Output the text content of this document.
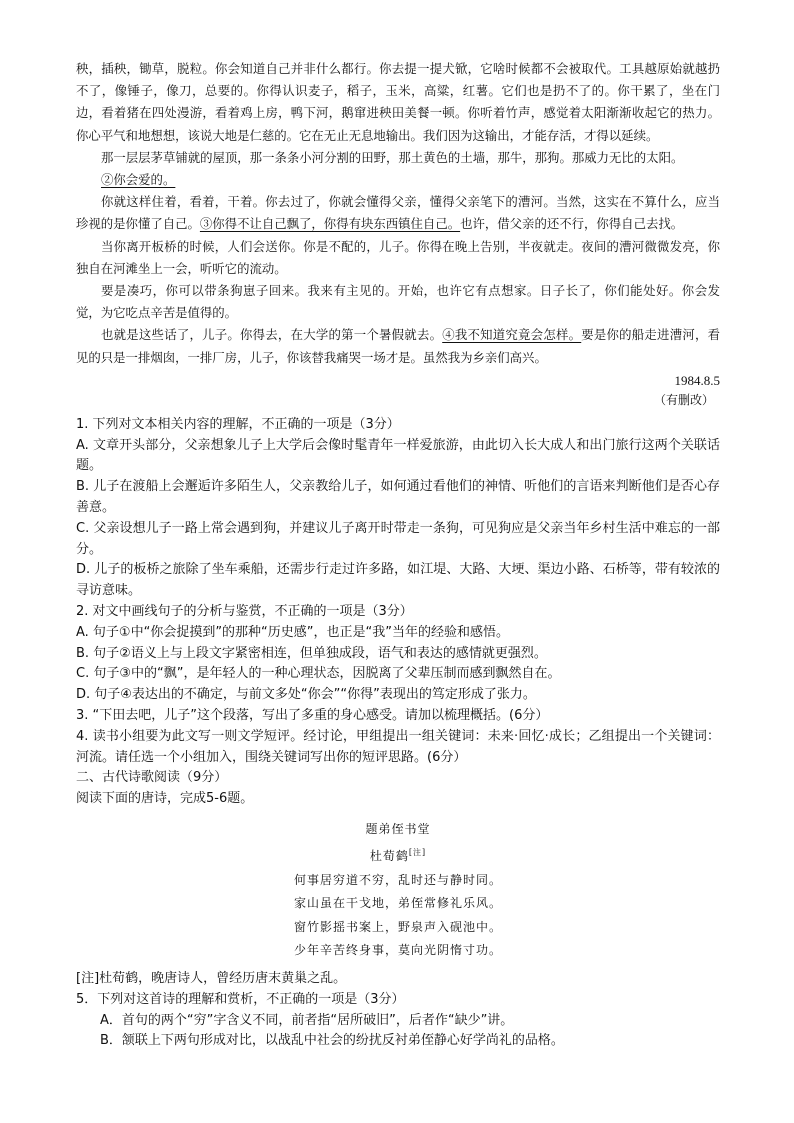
秧，插秧，锄草，脱粒。你会知道自己并非什么都行。你去提一提犬锨，它啥时候都不会被取代。工具越原始就越扔不了，像锤子，像刀，总要的。你得认识麦子，稻子，玉米，高粱，红薯。它们也是扔不了的。你干累了，坐在门边，看着猪在四处漫游，看着鸡上房，鸭下河，鹅窜进秧田美餐一顿。你听着竹声，感觉着太阳渐渐收起它的热力。你心平气和地想想，该说大地是仁慈的。它在无止无息地输出。我们因为这输出，才能存活，才得以延续。

那一层层茅草铺就的屋顶，那一条条小河分割的田野，那土黄色的土墙，那牛，那狗。那威力无比的太阳。

②你会爱的。

你就这样住着，看着，干着。你去过了，你就会懂得父亲，懂得父亲笔下的漕河。当然，这实在不算什么，应当珍视的是你懂了自己。③你得不让自己飘了，你得有块东西镇住自己。也许，借父亲的还不行，你得自己去找。

当你离开板桥的时候，人们会送你。你是不配的，儿子。你得在晚上告别，半夜就走。夜间的漕河微微发亮，你独自在河滩坐上一会，听听它的流动。

要是凑巧，你可以带条狗崽子回来。我来有主见的。开始，也许它有点想家。日子长了，你们能处好。你会发觉，为它吃点辛苦是值得的。

也就是这些话了，儿子。你得去，在大学的第一个暑假就去。④我不知道究竟会怎样。要是你的船走进漕河，看见的只是一排烟囱，一排厂房，儿子，你该替我痛哭一场才是。虽然我为乡亲们高兴。

1984.8.5
（有删改）

1. 下列对文本相关内容的理解，不正确的一项是（3分）

A. 文章开头部分，父亲想象儿子上大学后会像时髦青年一样爱旅游，由此切入长大成人和出门旅行这两个关联话题。

B. 儿子在渡船上会邂逅许多陌生人，父亲教给儿子，如何通过看他们的神情、听他们的言语来判断他们是否心存善意。

C. 父亲设想儿子一路上常会遇到狗，并建议儿子离开时带走一条狗，可见狗应是父亲当年乡村生活中难忘的一部分。

D. 儿子的板桥之旅除了坐车乘船，还需步行走过许多路，如江堤、大路、大埂、渠边小路、石桥等，带有较浓的寻访意味。

2. 对文中画线句子的分析与鉴赏，不正确的一项是（3分）

A. 句子①中“你会捉摸到”的那种“历史感”，也正是“我”当年的经验和感悟。

B. 句子②语义上与上段文字紧密相连，但单独成段，语气和表达的感情就更强烈。

C. 句子③中的“飘”，是年轻人的一种心理状态，因脱离了父辈压制而感到飘然自在。

D. 句子④表达出的不确定，与前文多处“你会”“你得”表现出的笃定形成了张力。

3. “下田去吧，儿子”这个段落，写出了多重的身心感受。请加以梳理概括。(6分）

4. 读书小组要为此文写一则文学短评。经讨论，甲组提出一组关键词：未来·回忆·成长；乙组提出一个关键词：河流。请任选一个小组加入，围绕关键词写出你的短评思路。(6分）

二、古代诗歌阅读（9分）

阅读下面的唐诗，完成5-6题。

题弟侄书堂
杜荀鹤[注]
何事居穷道不穷，乱时还与静时同。
家山虽在干戈地，弟侄常修礼乐风。
窗竹影摇书案上，野泉声入砚池中。
少年辛苦终身事，莫向光阴惰寸功。

[注]杜荀鹤，晚唐诗人，曾经历唐末黄巢之乱。

5．下列对这首诗的理解和赏析，不正确的一项是（3分）

A．首句的两个“穷”字含义不同，前者指“居所破旧”，后者作“缺少”讲。

B．颔联上下两句形成对比，以战乱中社会的纷扰反衬弟侄静心好学尚礼的品格。
